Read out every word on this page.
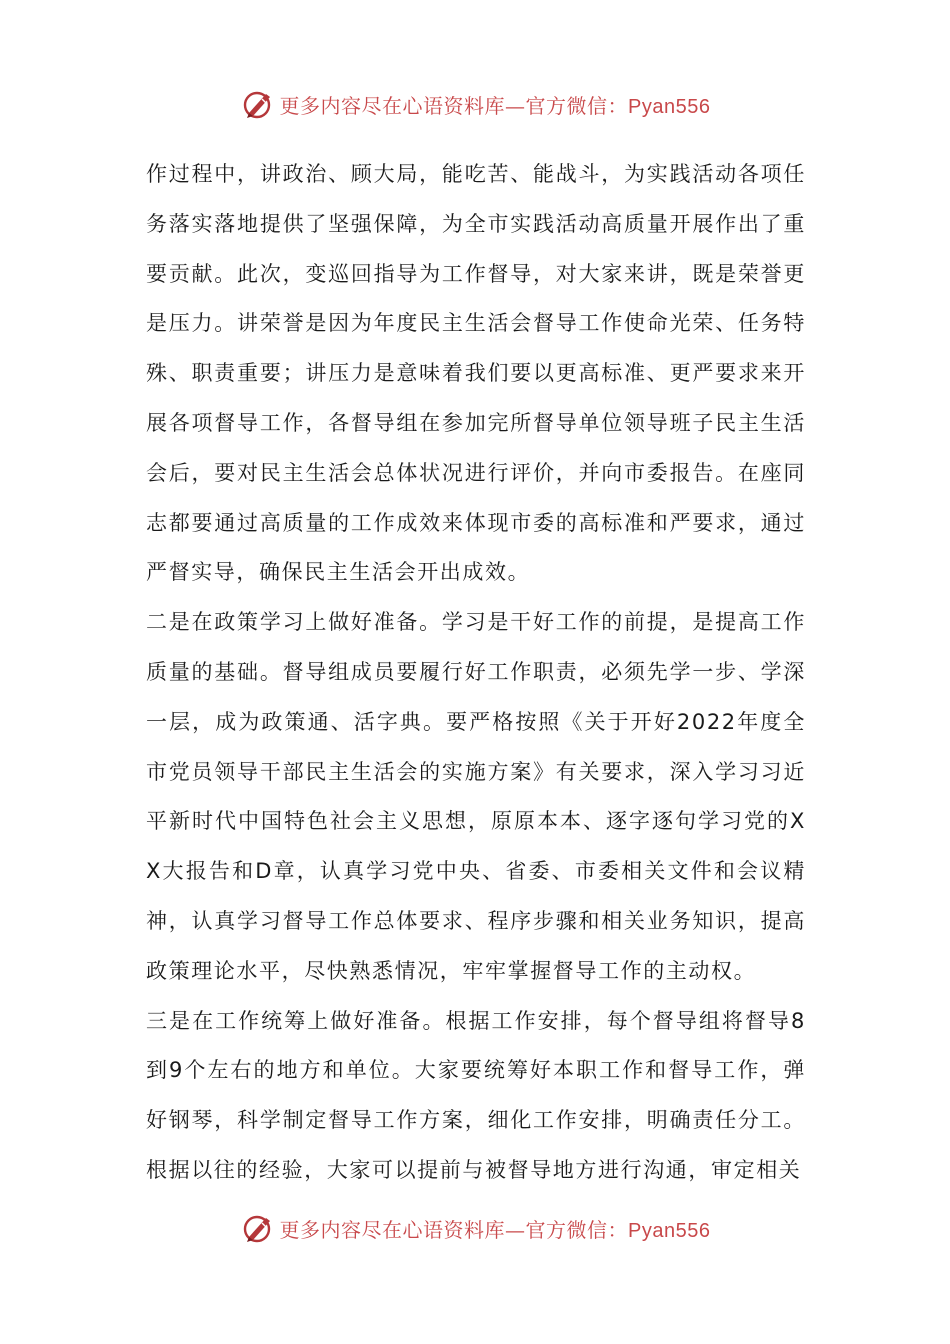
更多内容尽在心语资料库—官方微信：Pyan556

作过程中，讲政治、顾大局，能吃苦、能战斗，为实践活动各项任务落实落地提供了坚强保障，为全市实践活动高质量开展作出了重要贡献。此次，变巡回指导为工作督导，对大家来讲，既是荣誉更是压力。讲荣誉是因为年度民主生活会督导工作使命光荣、任务特殊、职责重要；讲压力是意味着我们要以更高标准、更严要求来开展各项督导工作，各督导组在参加完所督导单位领导班子民主生活会后，要对民主生活会总体状况进行评价，并向市委报告。在座同志都要通过高质量的工作成效来体现市委的高标准和严要求，通过严督实导，确保民主生活会开出成效。

二是在政策学习上做好准备。学习是干好工作的前提，是提高工作质量的基础。督导组成员要履行好工作职责，必须先学一步、学深一层，成为政策通、活字典。要严格按照《关于开好2022年度全市党员领导干部民主生活会的实施方案》有关要求，深入学习习近平新时代中国特色社会主义思想，原原本本、逐字逐句学习党的XX大报告和D章，认真学习党中央、省委、市委相关文件和会议精神，认真学习督导工作总体要求、程序步骤和相关业务知识，提高政策理论水平，尽快熟悉情况，牢牢掌握督导工作的主动权。

三是在工作统筹上做好准备。根据工作安排，每个督导组将督导8到9个左右的地方和单位。大家要统筹好本职工作和督导工作，弹好钢琴，科学制定督导工作方案，细化工作安排，明确责任分工。根据以往的经验，大家可以提前与被督导地方进行沟通，审定相关

更多内容尽在心语资料库—官方微信：Pyan556
